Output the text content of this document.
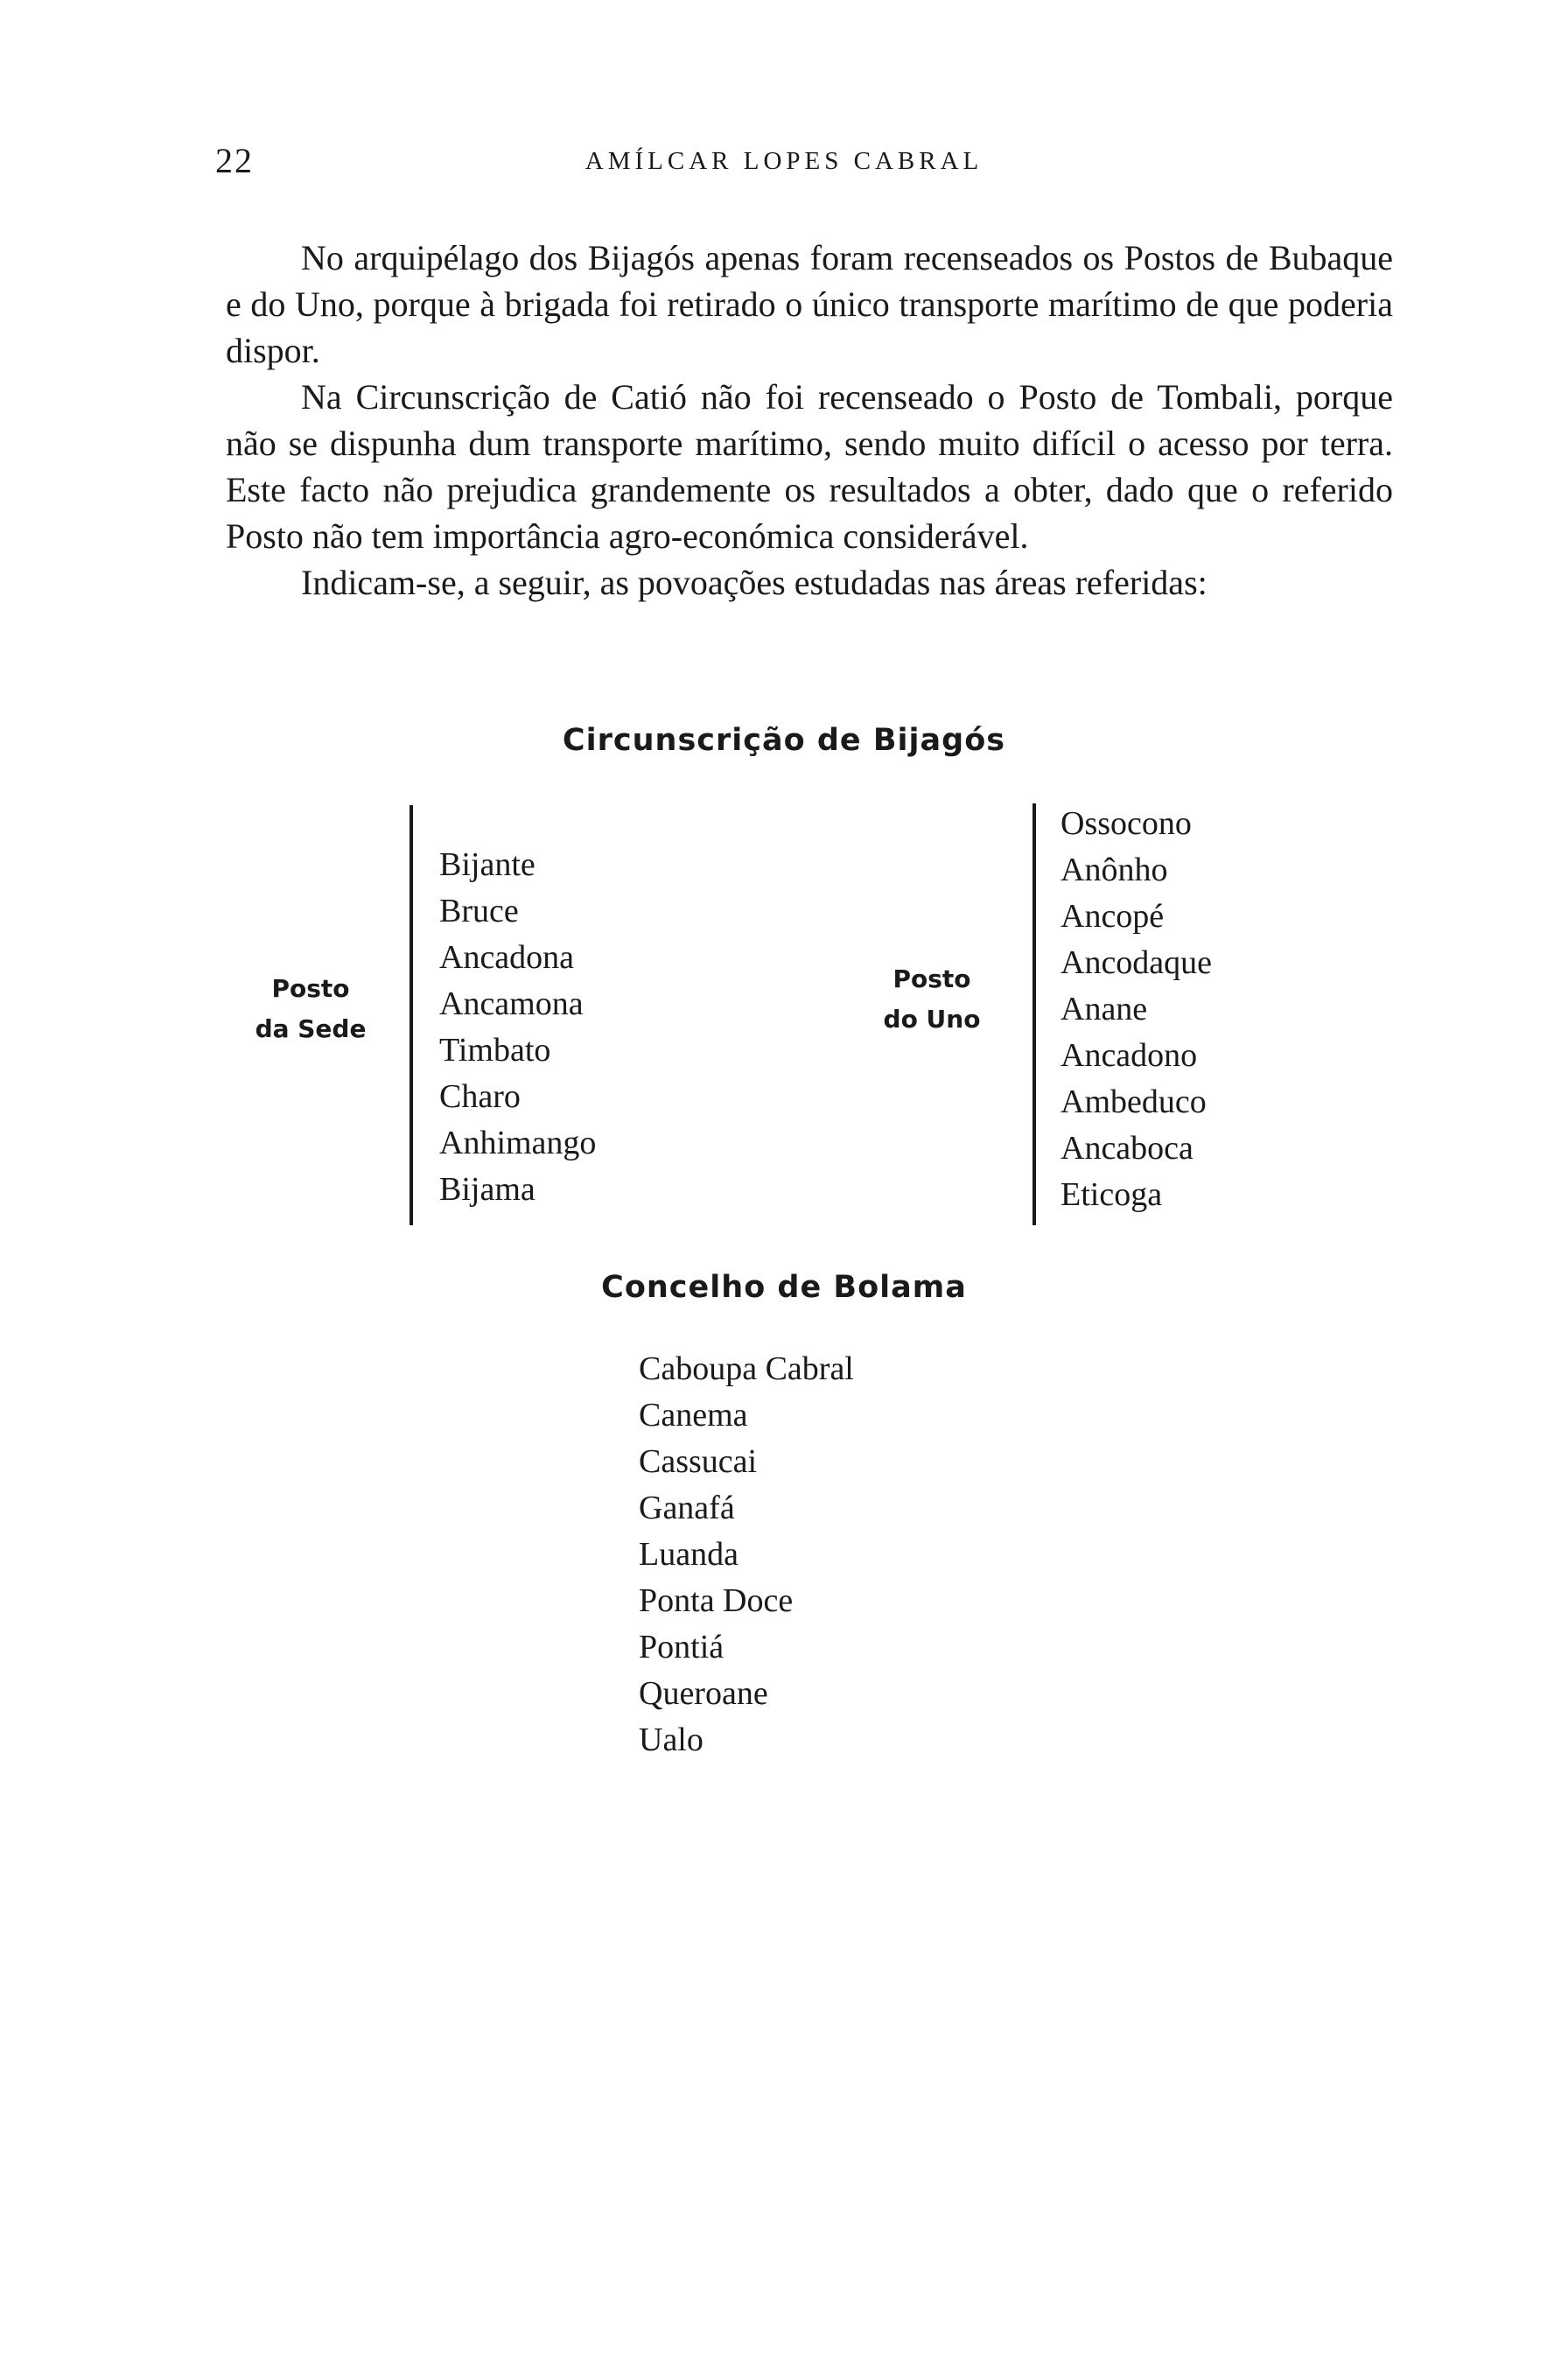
22	AMÍLCAR LOPES CABRAL

No arquipélago dos Bijagós apenas foram recenseados os Postos de Bubaque e do Uno, porque à brigada foi retirado o único transporte marítimo de que poderia dispor.

Na Circunscrição de Catió não foi recenseado o Posto de Tombali, porque não se dispunha dum transporte marítimo, sendo muito difícil o acesso por terra. Este facto não prejudica grandemente os resultados a obter, dado que o referido Posto não tem importância agro-económica considerável.

Indicam-se, a seguir, as povoações estudadas nas áreas referidas:

Circunscrição de Bijagós
Posto
da Sede
Bijante
Bruce
Ancadona
Ancamona
Timbato
Charo
Anhimango
Bijama
Posto
do Uno
Ossocono
Anônho
Ancopé
Ancodaque
Anane
Ancadono
Ambeduco
Ancaboca
Eticoga
Concelho de Bolama
Caboupa Cabral
Canema
Cassucai
Ganafá
Luanda
Ponta Doce
Pontiá
Queroane
Ualo
